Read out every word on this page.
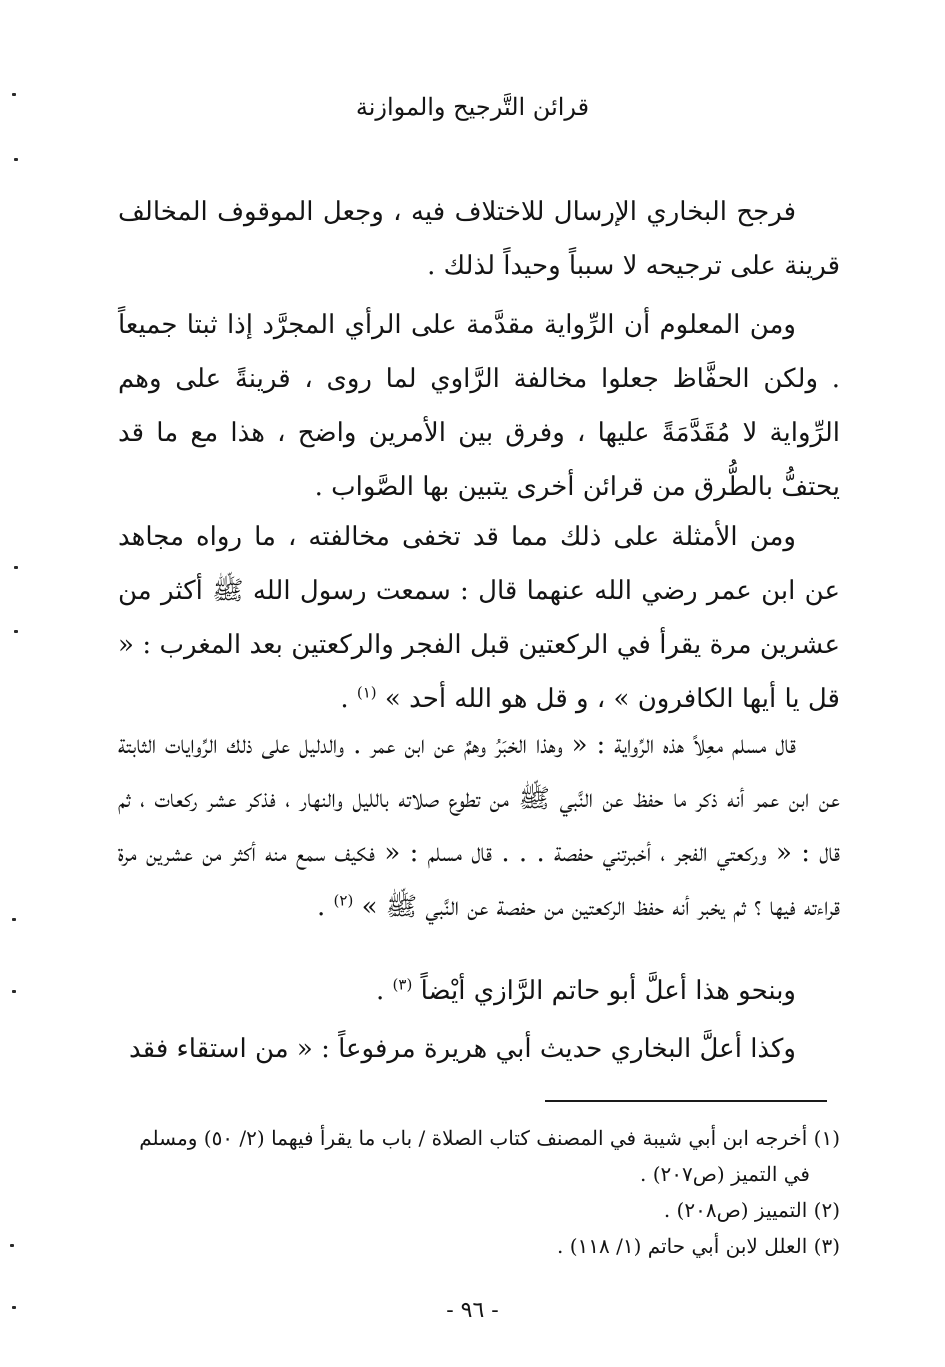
قرائن التَّرجيح والموازنة

فرجح البخاري الإرسال للاختلاف فيه ، وجعل الموقوف المخالف قرينة على ترجيحه لا سبباً وحيداً لذلك .

ومن المعلوم أن الرِّواية مقدَّمة على الرأي المجرَّد إذا ثبتا جميعاً . ولكن الحفَّاظ جعلوا مخالفة الرَّاوي لما روى ، قرينةً على وهم الرِّواية لا مُقَدَّمَةً عليها ، وفرق بين الأمرين واضح ، هذا مع ما قد يحتفُّ بالطُّرق من قرائن أخرى يتبين بها الصَّواب .

ومن الأمثلة على ذلك مما قد تخفى مخالفته ، ما رواه مجاهد عن ابن عمر رضي الله عنهما قال : سمعت رسول الله ﷺ أكثر من عشرين مرة يقرأ في الركعتين قبل الفجر والركعتين بعد المغرب : « قل يا أيها الكافرون » ، و قل هو الله أحد » $^{(١)}$ .

قال مسلم معِلاً هذه الرِّواية : « وهذا الخبَرُ وهمٌ عن ابن عمر . والدليل على ذلك الرِّوايات الثابتة عن ابن عمر أنه ذكر ما حفظ عن النَّبي ﷺ من تطوع صلاته بالليل والنهار ، فذكر عشر ركعات ، ثم قال : « وركعتي الفجر ، أخبرتني حفصة . . . قال مسلم : « فكيف سمع منه أكثر من عشرين مرة قراءته فيها ؟ ثم يخبر أنه حفظ الركعتين من حفصة عن النَّبي ﷺ » $^{(٢)}$ .

وبنحو هذا أعلَّ أبو حاتم الرَّازي أيْضاً $^{(٣)}$ .

وكذا أعلَّ البخاري حديث أبي هريرة مرفوعاً : « من استقاء فقد

(١) أخرجه ابن أبي شيبة في المصنف كتاب الصلاة / باب ما يقرأ فيهما (٢/ ٥٠) ومسلم في التميز (ص٢٠٧) .

(٢) التمييز (ص٢٠٨) .

(٣) العلل لابن أبي حاتم (١/ ١١٨) .

- ٩٦ -
